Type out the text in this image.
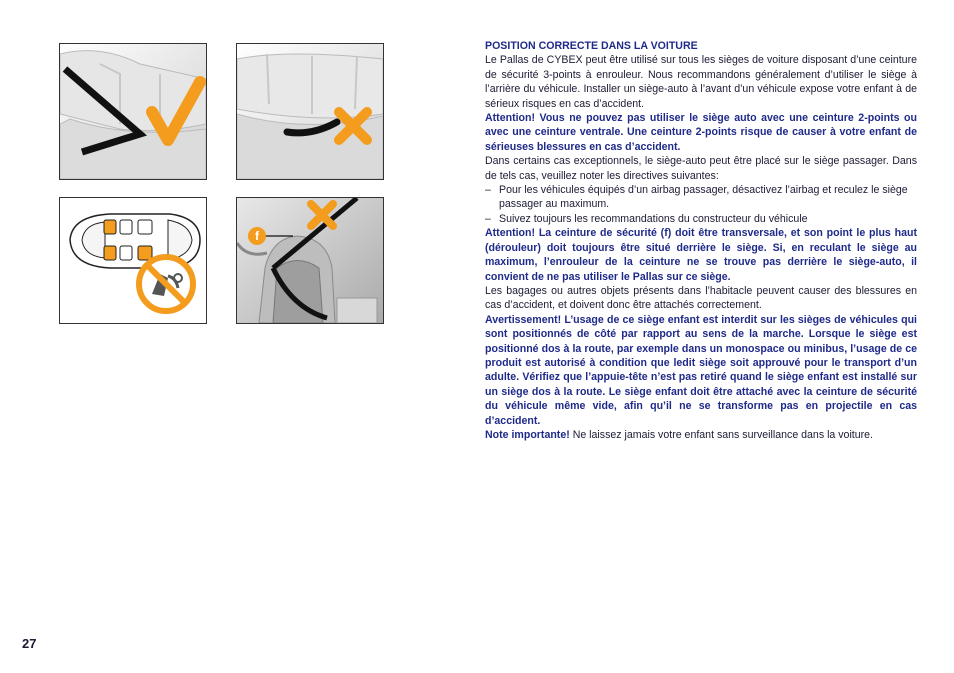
f

POSITION CORRECTE DANS LA VOITURE

Le Pallas de CYBEX peut être utilisé sur tous les sièges de voiture disposant d’une ceinture de sécurité 3-points à enrouleur. Nous recommandons généralement d’utiliser le siège à l’arrière du véhicule. Installer un siège-auto à l’avant d’un véhicule expose votre enfant à de sérieux risques en cas d’accident.

Attention! Vous ne pouvez pas utiliser le siège auto avec une ceinture 2-points ou avec une ceinture ventrale. Une ceinture 2-points risque de causer à votre enfant de sérieuses blessures en cas d’accident.

Dans certains cas exceptionnels, le siège-auto peut être placé sur le siège passager. Dans de tels cas, veuillez noter les directives suivantes:

– Pour les véhicules équipés d’un airbag passager, désactivez l’airbag et reculez le siège passager au maximum.
– Suivez toujours les recommandations du constructeur du véhicule

Attention! La ceinture de sécurité (f) doit être transversale, et son point le plus haut (dérouleur) doit toujours être situé derrière le siège. Si, en reculant le siège au maximum, l’enrouleur de la ceinture ne se trouve pas derrière le siège-auto, il convient de ne pas utiliser le Pallas sur ce siège.

Les bagages ou autres objets présents dans l’habitacle peuvent causer des blessures en cas d’accident, et doivent donc être attachés correctement.

Avertissement! L’usage de ce siège enfant est interdit sur les sièges de véhicules qui sont positionnés de côté par rapport au sens de la marche. Lorsque le siège est positionné dos à la route, par exemple dans un monospace ou minibus, l’usage de ce produit est autorisé à condition que ledit siège soit approuvé pour le transport d’un adulte. Vérifiez que l’appuie-tête n’est pas retiré quand le siège enfant est installé sur un siège dos à la route. Le siège enfant doit être attaché avec la ceinture de sécurité du véhicule même vide, afin qu’il ne se transforme pas en projectile en cas d’accident.

Note importante! Ne laissez jamais votre enfant sans surveillance dans la voiture.

27
